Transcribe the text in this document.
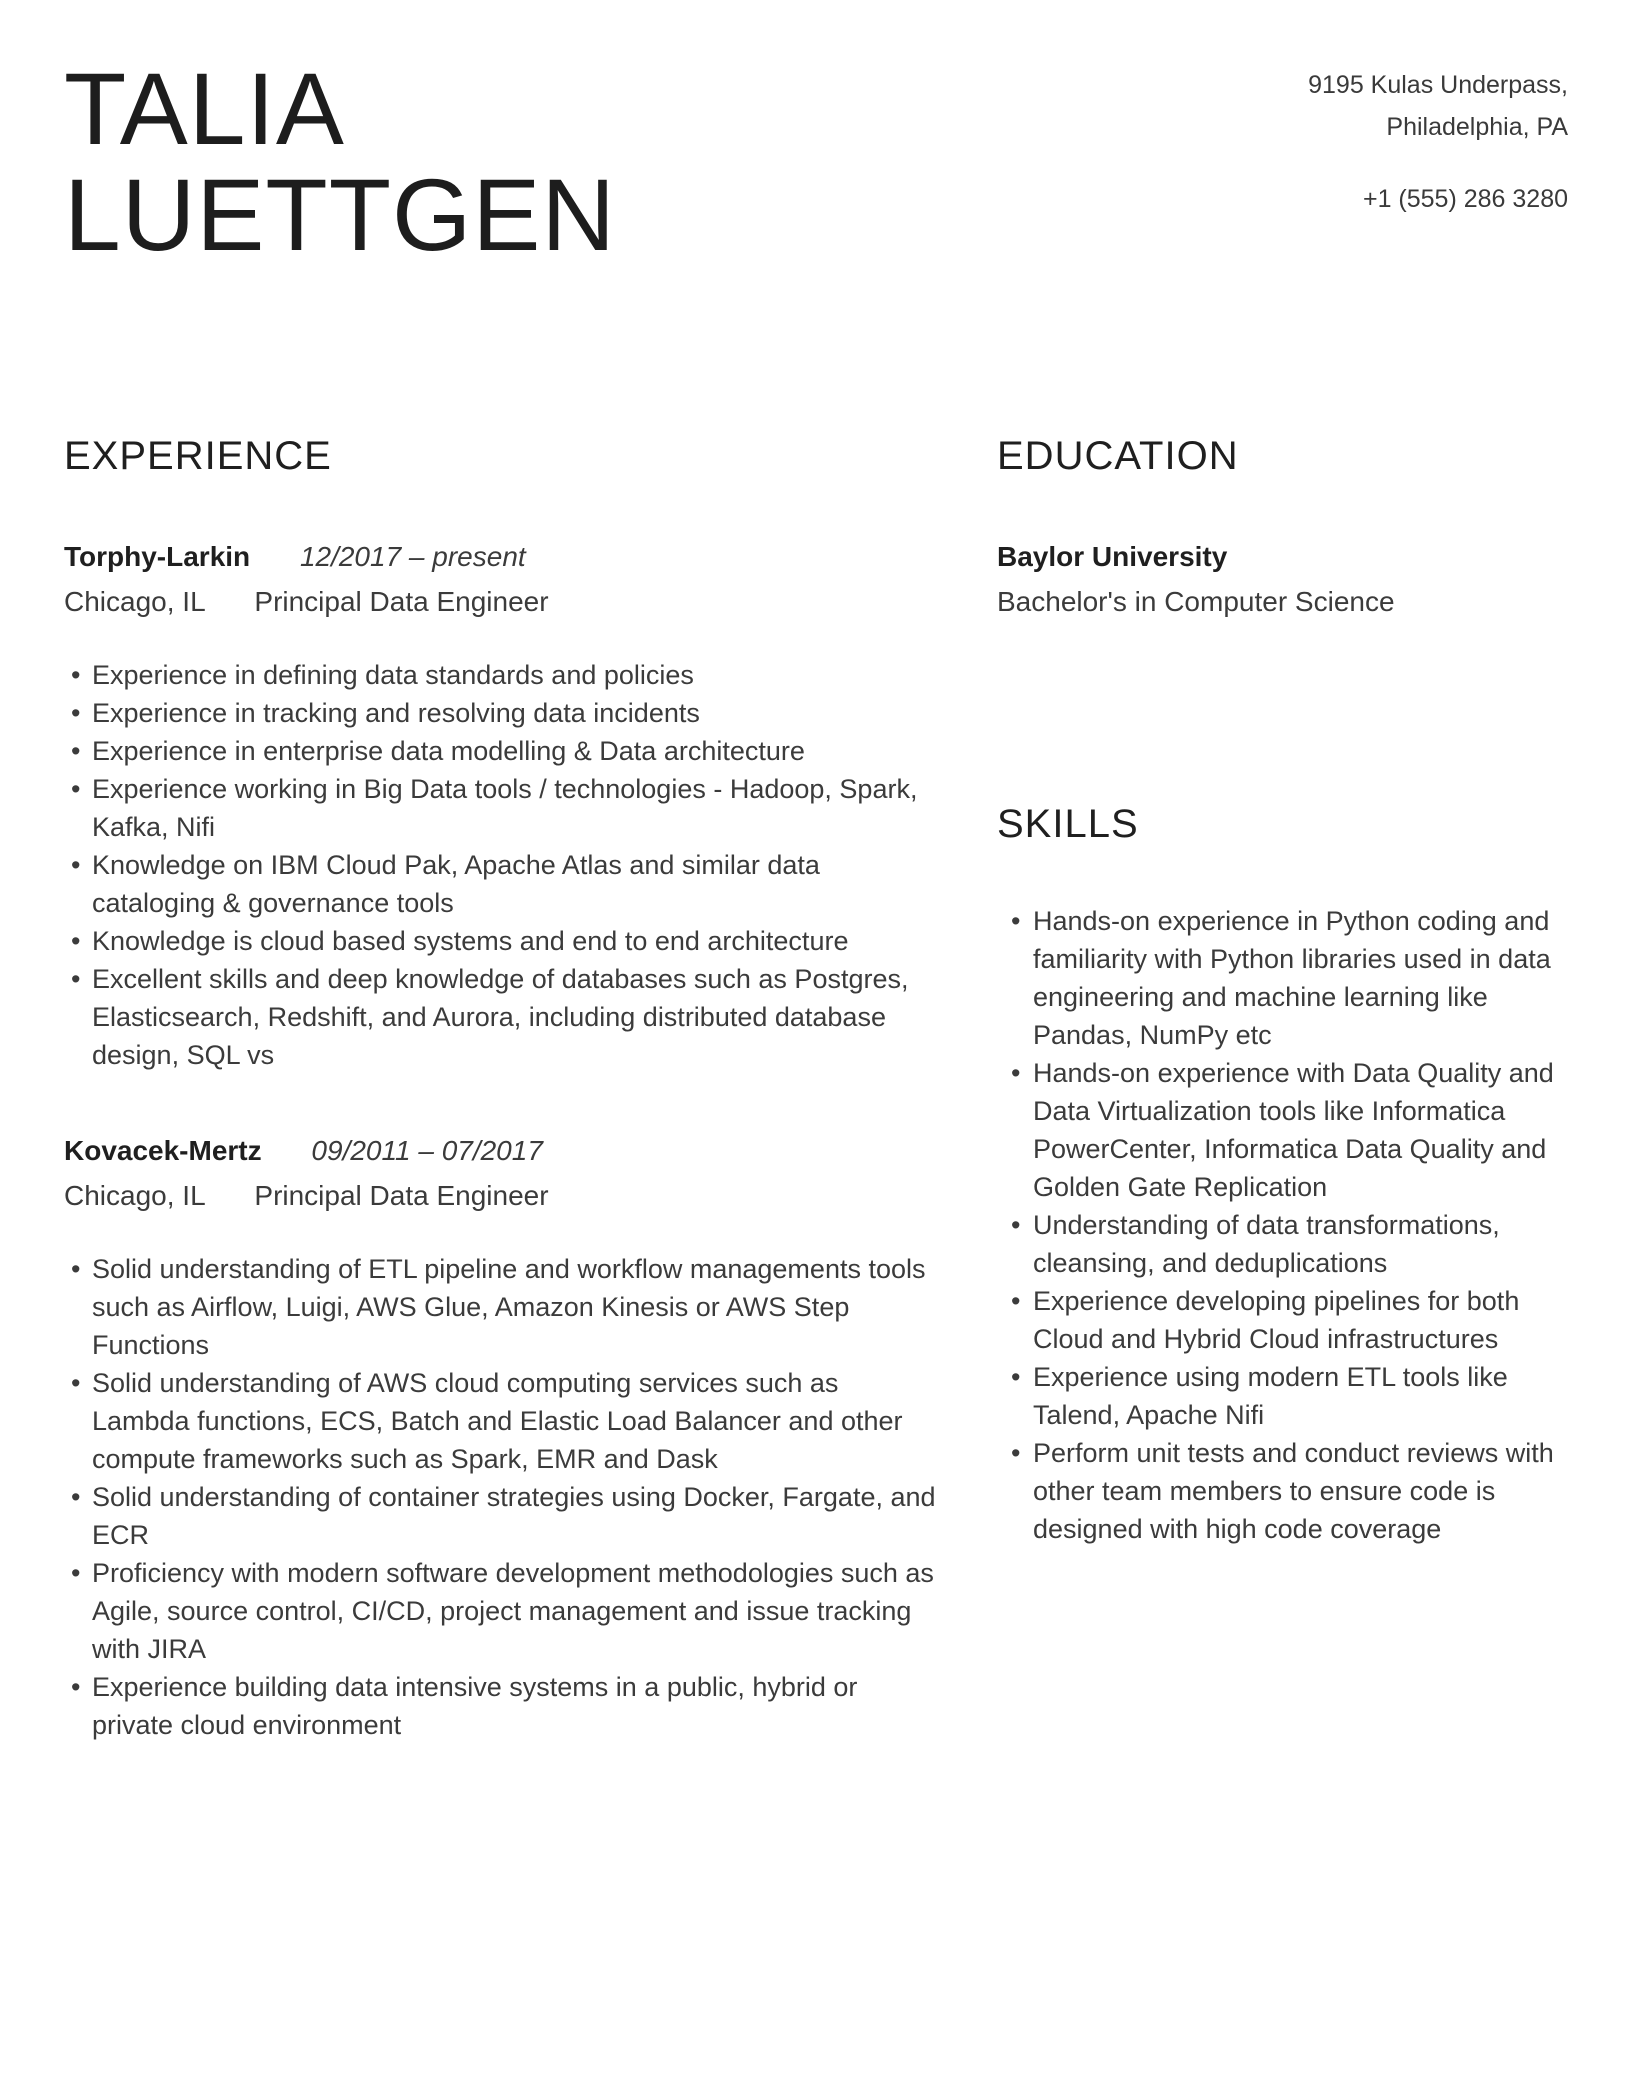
TALIA
LUETTGEN
9195 Kulas Underpass,
Philadelphia, PA
+1 (555) 286 3280
EXPERIENCE
Torphy-Larkin 12/2017 – present
Chicago, IL Principal Data Engineer
• Experience in defining data standards and policies
• Experience in tracking and resolving data incidents
• Experience in enterprise data modelling & Data architecture
• Experience working in Big Data tools / technologies - Hadoop, Spark, Kafka, Nifi
• Knowledge on IBM Cloud Pak, Apache Atlas and similar data cataloging & governance tools
• Knowledge is cloud based systems and end to end architecture
• Excellent skills and deep knowledge of databases such as Postgres, Elasticsearch, Redshift, and Aurora, including distributed database design, SQL vs
Kovacek-Mertz 09/2011 – 07/2017
Chicago, IL Principal Data Engineer
• Solid understanding of ETL pipeline and workflow managements tools such as Airflow, Luigi, AWS Glue, Amazon Kinesis or AWS Step Functions
• Solid understanding of AWS cloud computing services such as Lambda functions, ECS, Batch and Elastic Load Balancer and other compute frameworks such as Spark, EMR and Dask
• Solid understanding of container strategies using Docker, Fargate, and ECR
• Proficiency with modern software development methodologies such as Agile, source control, CI/CD, project management and issue tracking with JIRA
• Experience building data intensive systems in a public, hybrid or private cloud environment
EDUCATION
Baylor University
Bachelor's in Computer Science
SKILLS
• Hands-on experience in Python coding and familiarity with Python libraries used in data engineering and machine learning like Pandas, NumPy etc
• Hands-on experience with Data Quality and Data Virtualization tools like Informatica PowerCenter, Informatica Data Quality and Golden Gate Replication
• Understanding of data transformations, cleansing, and deduplications
• Experience developing pipelines for both Cloud and Hybrid Cloud infrastructures
• Experience using modern ETL tools like Talend, Apache Nifi
• Perform unit tests and conduct reviews with other team members to ensure code is designed with high code coverage
